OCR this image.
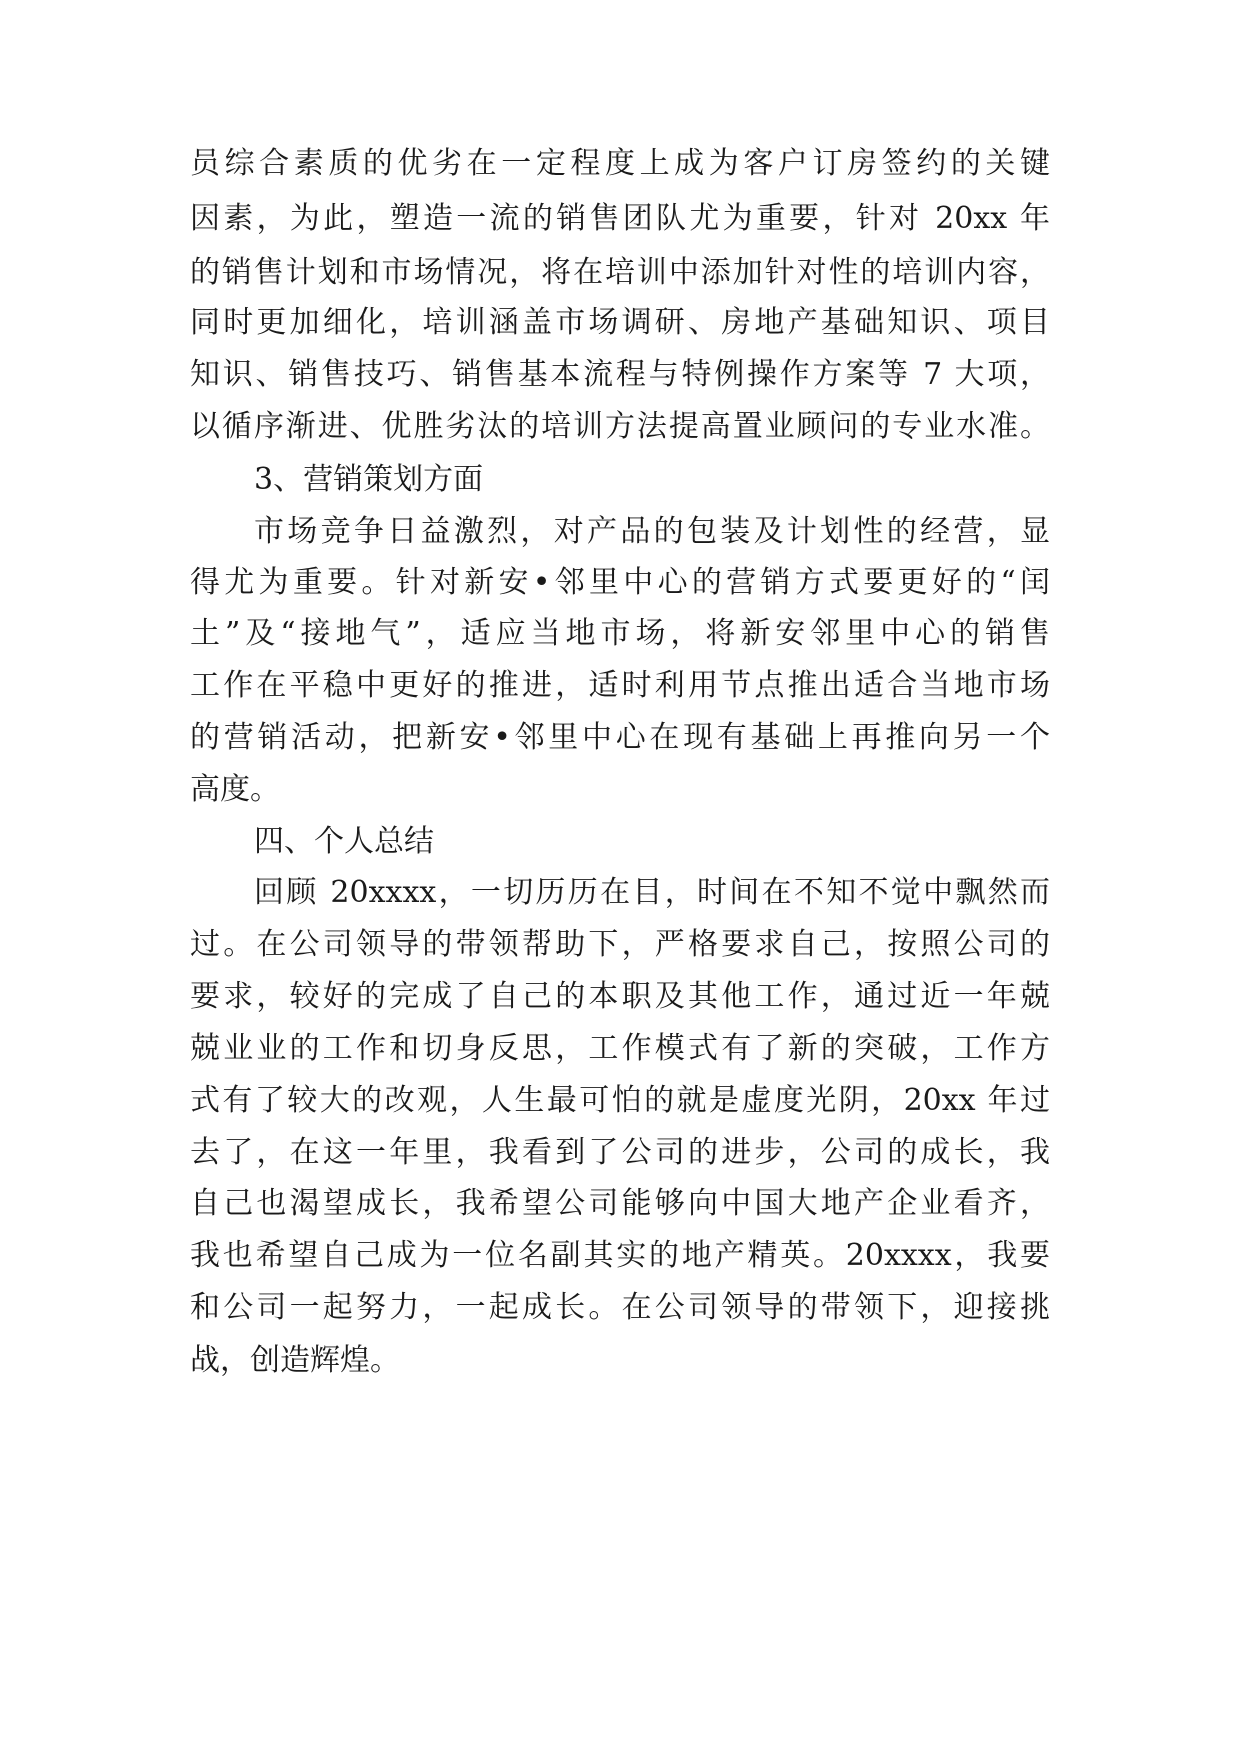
员综合素质的优劣在一定程度上成为客户订房签约的关键
因素，为此，塑造一流的销售团队尤为重要，针对 20xx 年
的销售计划和市场情况，将在培训中添加针对性的培训内容，
同时更加细化，培训涵盖市场调研、房地产基础知识、项目
知识、销售技巧、销售基本流程与特例操作方案等 7 大项，
以循序渐进、优胜劣汰的培训方法提高置业顾问的专业水准。
3、营销策划方面
市场竞争日益激烈，对产品的包装及计划性的经营，显
得尤为重要。针对新安•邻里中心的营销方式要更好的“闰
土”及“接地气”，适应当地市场，将新安邻里中心的销售
工作在平稳中更好的推进，适时利用节点推出适合当地市场
的营销活动，把新安•邻里中心在现有基础上再推向另一个
高度。
四、个人总结
回顾 20xxxx，一切历历在目，时间在不知不觉中飘然而
过。在公司领导的带领帮助下，严格要求自己，按照公司的
要求，较好的完成了自己的本职及其他工作，通过近一年兢
兢业业的工作和切身反思，工作模式有了新的突破，工作方
式有了较大的改观，人生最可怕的就是虚度光阴，20xx 年过
去了，在这一年里，我看到了公司的进步，公司的成长，我
自己也渴望成长，我希望公司能够向中国大地产企业看齐，
我也希望自己成为一位名副其实的地产精英。20xxxx，我要
和公司一起努力，一起成长。在公司领导的带领下，迎接挑
战，创造辉煌。
